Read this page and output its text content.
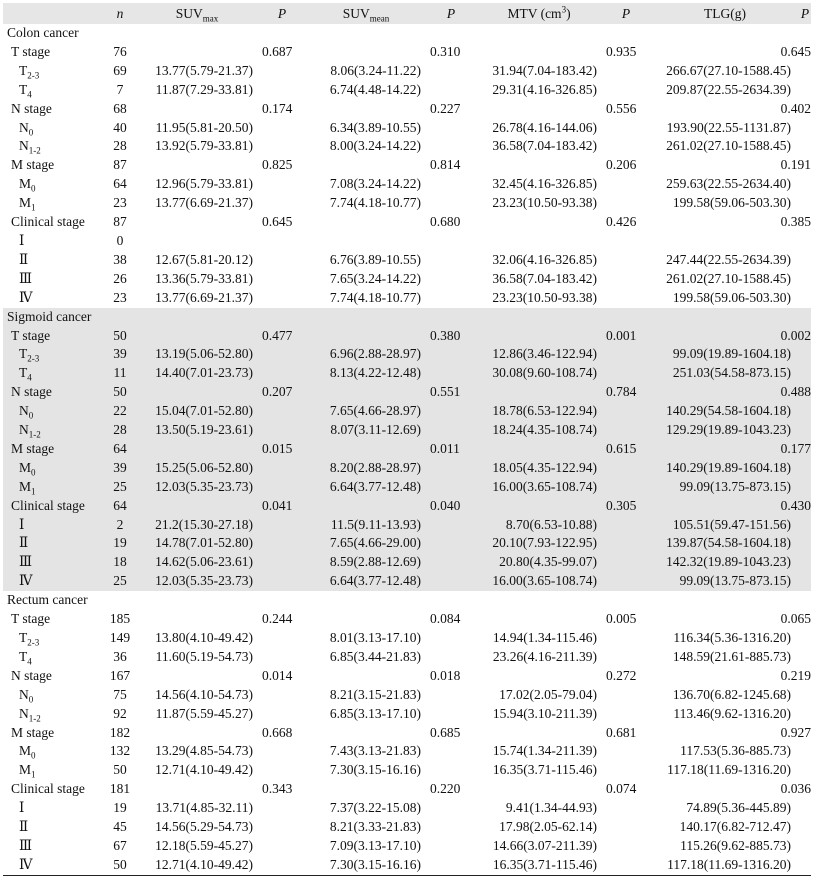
	n	$SUV_{max}$	P	$SUV_{mean}$	P	MTV $(cm^3)$	P	TLG(g)	P
Colon cancer									
T stage	76		0.687		0.310		0.935		0.645

$T_{2-3}$	69	13.77(5.79-21.37)		8.06(3.24-11.22)		31.94(7.04-183.42)		266.67(27.10-1588.45)	
$T_4$	7	11.87(7.29-33.81)		6.74(4.48-14.22)		29.31(4.16-326.85)		209.87(22.55-2634.39)	
N stage	68		0.174		0.227		0.556		0.402

$N_0$	40	11.95(5.81-20.50)		6.34(3.89-10.55)		26.78(4.16-144.06)		193.90(22.55-1131.87)	
$N_{1-2}$	28	13.92(5.79-33.81)		8.00(3.24-14.22)		36.58(7.04-183.42)		261.02(27.10-1588.45)	
M stage	87		0.825		0.814		0.206		0.191

$M_0$	64	12.96(5.79-33.81)		7.08(3.24-14.22)		32.45(4.16-326.85)		259.63(22.55-2634.40)	
$M_1$	23	13.77(6.69-21.37)		7.74(4.18-10.77)		23.23(10.50-93.38)		199.58(59.06-503.30)	
Clinical stage	87		0.645		0.680		0.426		0.385

Ⅰ	0								
Ⅱ	38	12.67(5.81-20.12)		6.76(3.89-10.55)		32.06(4.16-326.85)		247.44(22.55-2634.39)	
Ⅲ	26	13.36(5.79-33.81)		7.65(3.24-14.22)		36.58(7.04-183.42)		261.02(27.10-1588.45)	
Ⅳ	23	13.77(6.69-21.37)		7.74(4.18-10.77)		23.23(10.50-93.38)		199.58(59.06-503.30)	
Sigmoid cancer									
T stage	50		0.477		0.380		0.001		0.002

$T_{2-3}$	39	13.19(5.06-52.80)		6.96(2.88-28.97)		12.86(3.46-122.94)		99.09(19.89-1604.18)	
$T_4$	11	14.40(7.01-23.73)		8.13(4.22-12.48)		30.08(9.60-108.74)		251.03(54.58-873.15)	
N stage	50		0.207		0.551		0.784		0.488

$N_0$	22	15.04(7.01-52.80)		7.65(4.66-28.97)		18.78(6.53-122.94)		140.29(54.58-1604.18)	
$N_{1-2}$	28	13.50(5.19-23.61)		8.07(3.11-12.69)		18.24(4.35-108.74)		129.29(19.89-1043.23)	
M stage	64		0.015		0.011		0.615		0.177

$M_0$	39	15.25(5.06-52.80)		8.20(2.88-28.97)		18.05(4.35-122.94)		140.29(19.89-1604.18)	
$M_1$	25	12.03(5.35-23.73)		6.64(3.77-12.48)		16.00(3.65-108.74)		99.09(13.75-873.15)	
Clinical stage	64		0.041		0.040		0.305		0.430

Ⅰ	2	21.2(15.30-27.18)		11.5(9.11-13.93)		8.70(6.53-10.88)		105.51(59.47-151.56)	
Ⅱ	19	14.78(7.01-52.80)		7.65(4.66-29.00)		20.10(7.93-122.95)		139.87(54.58-1604.18)	
Ⅲ	18	14.62(5.06-23.61)		8.59(2.88-12.69)		20.80(4.35-99.07)		142.32(19.89-1043.23)	
Ⅳ	25	12.03(5.35-23.73)		6.64(3.77-12.48)		16.00(3.65-108.74)		99.09(13.75-873.15)	
Rectum cancer									
T stage	185		0.244		0.084		0.005		0.065

$T_{2-3}$	149	13.80(4.10-49.42)		8.01(3.13-17.10)		14.94(1.34-115.46)		116.34(5.36-1316.20)	
$T_4$	36	11.60(5.19-54.73)		6.85(3.44-21.83)		23.26(4.16-211.39)		148.59(21.61-885.73)	
N stage	167		0.014		0.018		0.272		0.219

$N_0$	75	14.56(4.10-54.73)		8.21(3.15-21.83)		17.02(2.05-79.04)		136.70(6.82-1245.68)	
$N_{1-2}$	92	11.87(5.59-45.27)		6.85(3.13-17.10)		15.94(3.10-211.39)		113.46(9.62-1316.20)	
M stage	182		0.668		0.685		0.681		0.927

$M_0$	132	13.29(4.85-54.73)		7.43(3.13-21.83)		15.74(1.34-211.39)		117.53(5.36-885.73)	
$M_1$	50	12.71(4.10-49.42)		7.30(3.15-16.16)		16.35(3.71-115.46)		117.18(11.69-1316.20)	
Clinical stage	181		0.343		0.220		0.074		0.036

Ⅰ	19	13.71(4.85-32.11)		7.37(3.22-15.08)		9.41(1.34-44.93)		74.89(5.36-445.89)	
Ⅱ	45	14.56(5.29-54.73)		8.21(3.33-21.83)		17.98(2.05-62.14)		140.17(6.82-712.47)	
Ⅲ	67	12.18(5.59-45.27)		7.09(3.13-17.10)		14.66(3.07-211.39)		115.26(9.62-885.73)	
Ⅳ	50	12.71(4.10-49.42)		7.30(3.15-16.16)		16.35(3.71-115.46)		117.18(11.69-1316.20)	
